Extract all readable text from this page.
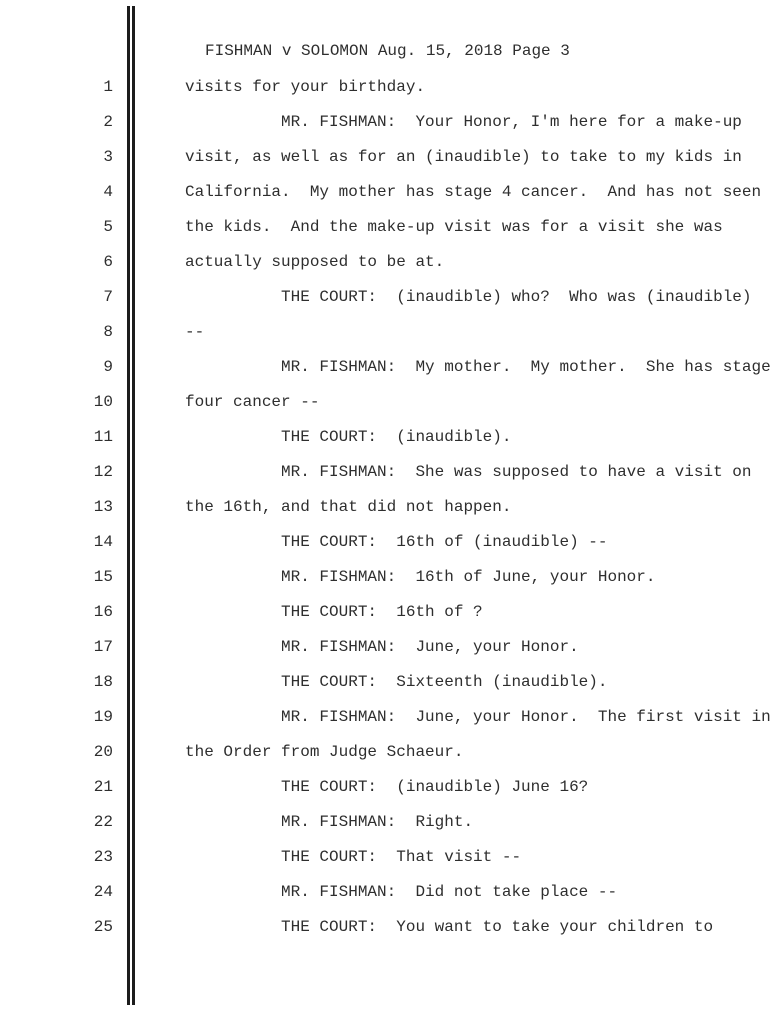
FISHMAN v SOLOMON Aug. 15, 2018 Page 3
1	visits for your birthday.
2	MR. FISHMAN:  Your Honor, I'm here for a make-up
3	visit, as well as for an (inaudible) to take to my kids in
4	California.  My mother has stage 4 cancer.  And has not seen
5	the kids.  And the make-up visit was for a visit she was
6	actually supposed to be at.
7	THE COURT:  (inaudible) who?  Who was (inaudible)
8	--
9	MR. FISHMAN:  My mother.  My mother.  She has stage
10	four cancer --
11	THE COURT:  (inaudible).
12	MR. FISHMAN:  She was supposed to have a visit on
13	the 16th, and that did not happen.
14	THE COURT:  16th of (inaudible) --
15	MR. FISHMAN:  16th of June, your Honor.
16	THE COURT:  16th of ?
17	MR. FISHMAN:  June, your Honor.
18	THE COURT:  Sixteenth (inaudible).
19	MR. FISHMAN:  June, your Honor.  The first visit in
20	the Order from Judge Schaeur.
21	THE COURT:  (inaudible) June 16?
22	MR. FISHMAN:  Right.
23	THE COURT:  That visit --
24	MR. FISHMAN:  Did not take place --
25	THE COURT:  You want to take your children to
